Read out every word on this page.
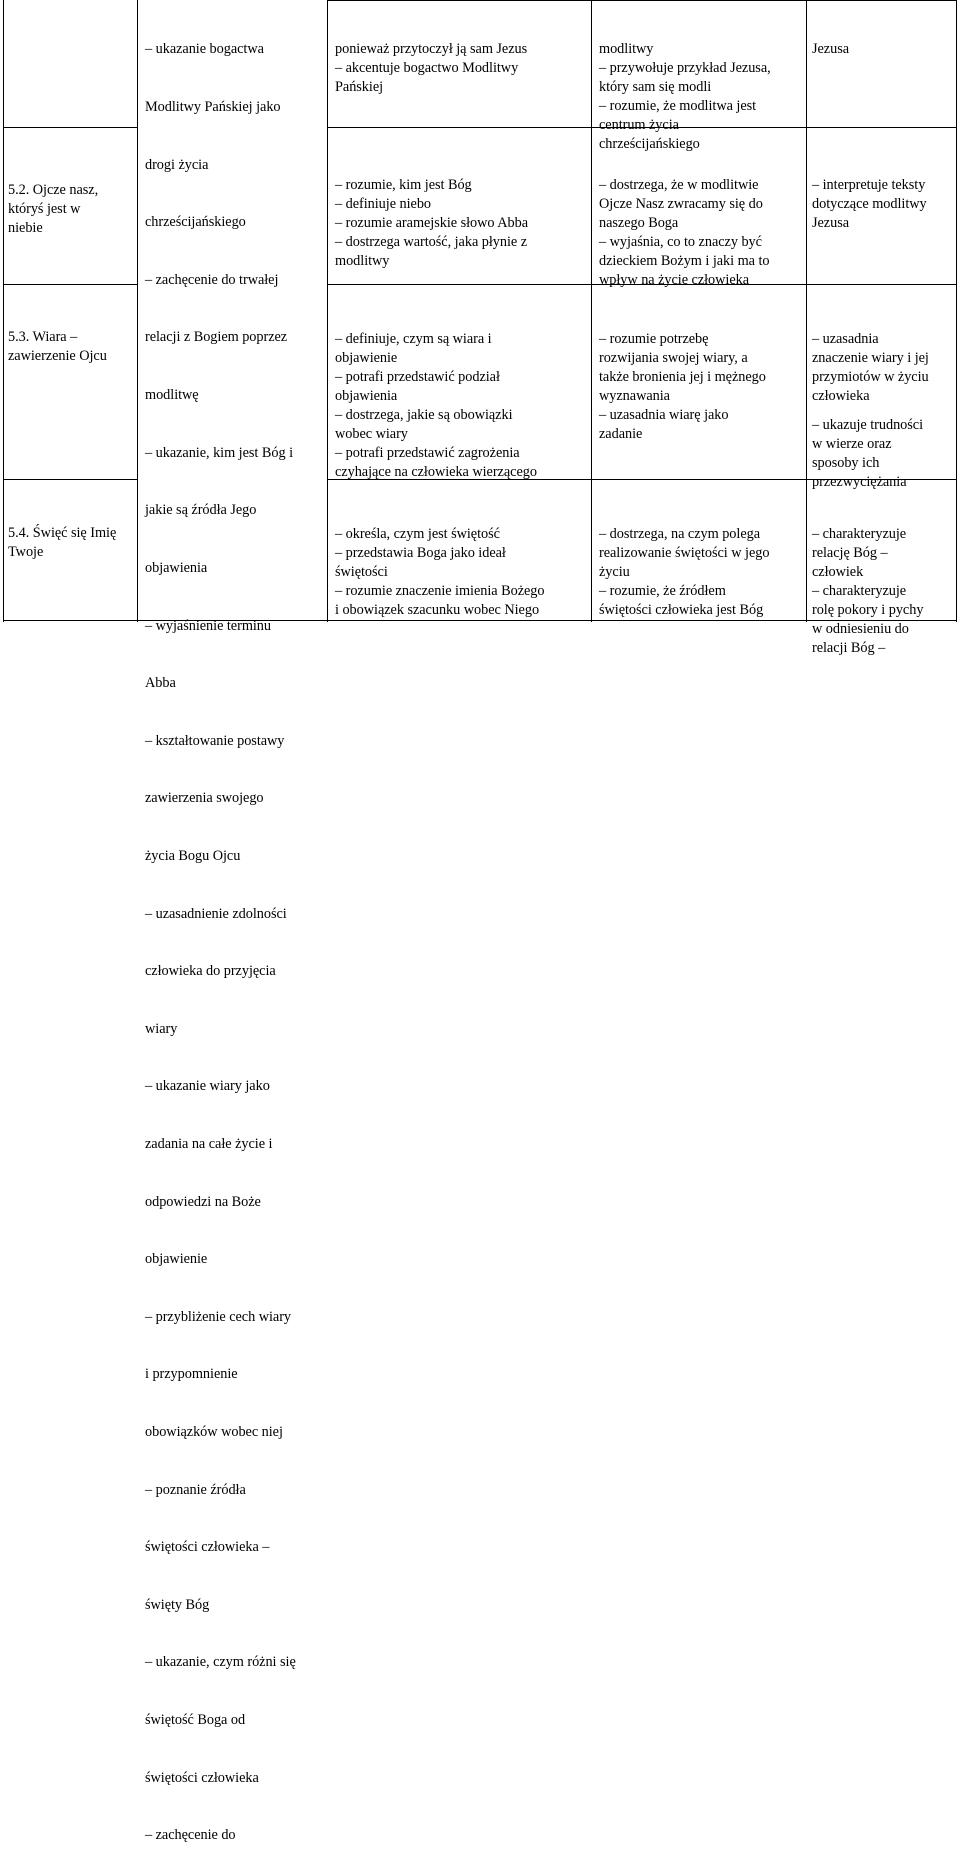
5.2. Ojcze nasz,
któryś jest w
niebie

5.3. Wiara –
zawierzenie Ojcu

5.4. Święć się Imię
Twoje

– ukazanie bogactwa

Modlitwy Pańskiej jako

drogi życia

chrześcijańskiego

– zachęcenie do trwałej

relacji z Bogiem poprzez

modlitwę

– ukazanie, kim jest Bóg i

jakie są źródła Jego

objawienia

– wyjaśnienie terminu

Abba

– kształtowanie postawy

zawierzenia swojego

życia Bogu Ojcu

– uzasadnienie zdolności

człowieka do przyjęcia

wiary

– ukazanie wiary jako

zadania na całe życie i

odpowiedzi na Boże

objawienie

– przybliżenie cech wiary

i przypomnienie

obowiązków wobec niej

– poznanie źródła

świętości człowieka –

święty Bóg

– ukazanie, czym różni się

świętość Boga od

świętości człowieka

– zachęcenie do

ponieważ przytoczył ją sam Jezus
– akcentuje bogactwo Modlitwy
Pańskiej

– rozumie, kim jest Bóg
– definiuje niebo
– rozumie aramejskie słowo Abba
– dostrzega wartość, jaka płynie z
modlitwy

– definiuje, czym są wiara i
objawienie
– potrafi przedstawić podział
objawienia
– dostrzega, jakie są obowiązki
wobec wiary
– potrafi przedstawić zagrożenia
czyhające na człowieka wierzącego

– określa, czym jest świętość
– przedstawia Boga jako ideał
świętości
– rozumie znaczenie imienia Bożego
i obowiązek szacunku wobec Niego

modlitwy
– przywołuje przykład Jezusa,
który sam się modli
– rozumie, że modlitwa jest
centrum życia
chrześcijańskiego

– dostrzega, że w modlitwie
Ojcze Nasz zwracamy się do
naszego Boga
– wyjaśnia, co to znaczy być
dzieckiem Bożym i jaki ma to
wpływ na życie człowieka

– rozumie potrzebę
rozwijania swojej wiary, a
także bronienia jej i mężnego
wyznawania
– uzasadnia wiarę jako
zadanie

– dostrzega, na czym polega
realizowanie świętości w jego
życiu
– rozumie, że źródłem
świętości człowieka jest Bóg

Jezusa

– interpretuje teksty
dotyczące modlitwy
Jezusa

– uzasadnia
znaczenie wiary i jej
przymiotów w życiu
człowieka
– ukazuje trudności
w wierze oraz
sposoby ich
przezwyciężania

– charakteryzuje
relację Bóg –
człowiek
– charakteryzuje
rolę pokory i pychy
w odniesieniu do
relacji Bóg –
